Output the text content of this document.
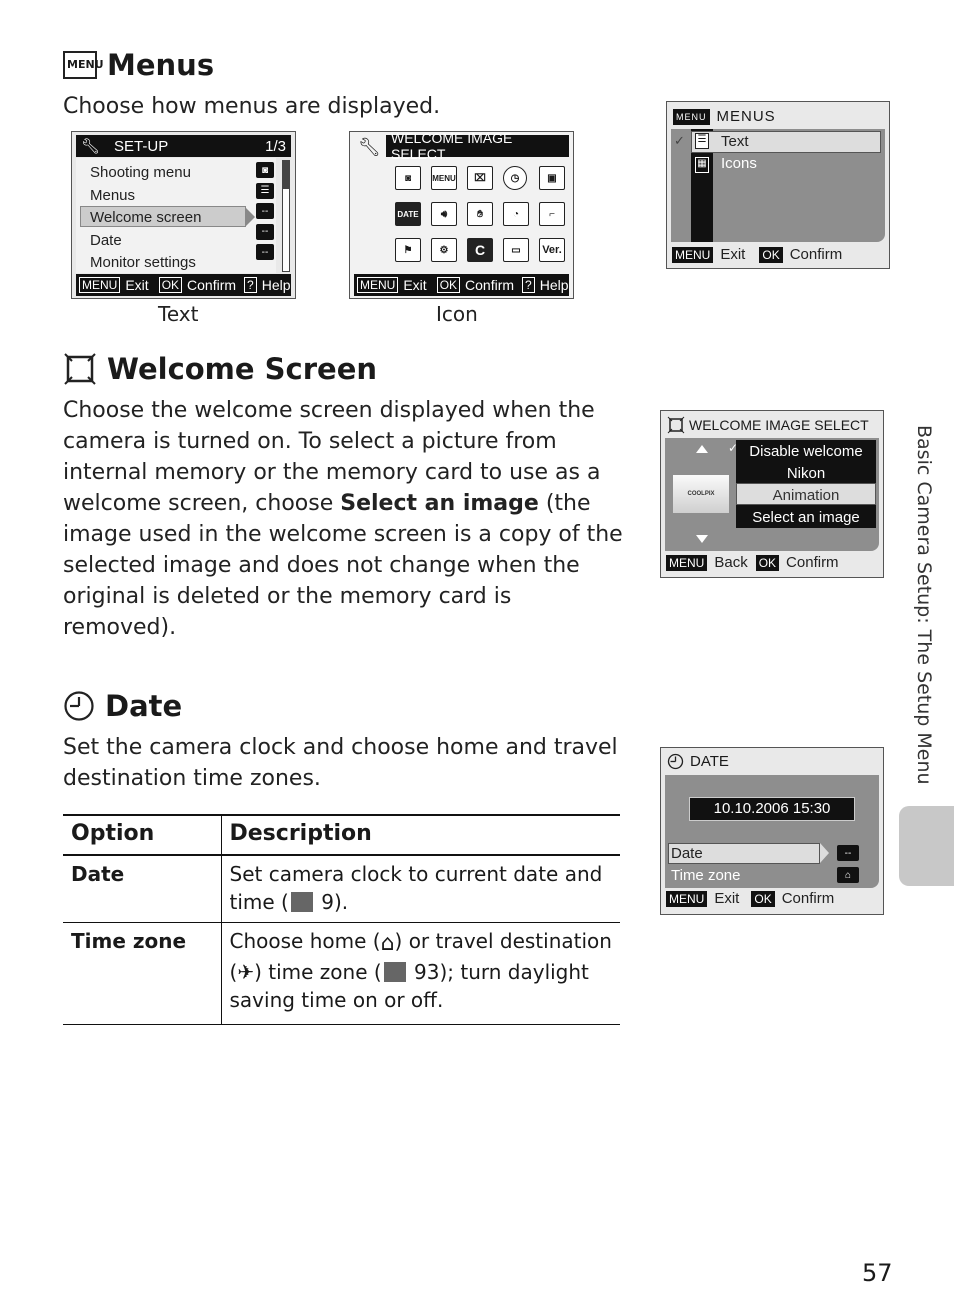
MENU Menus
Choose how menus are displayed.
🔧︎ SET-UP	1/3
Shooting menu
Menus
Welcome screen
Date
Monitor settings
◙
☰
--
--
--
MENU Exit OK Confirm ? Help
Text
🔧︎ WELCOME IMAGE SELECT
◙	MENU	⌧	◷	▣
DATE	🔊︎	✋︎	◔	⌐
⚑	⚙	C	▭	Ver.
MENU Exit OK Confirm ? Help
Icon
MENU MENUS
✓ ☰
▦
Text
Icons
MENU Exit OK Confirm
Welcome Screen
Choose the welcome screen displayed when the camera is turned on. To select a picture from internal memory or the memory card to use as a welcome screen, choose Select an image (the image used in the welcome screen is a copy of the selected image and does not change when the original is deleted or the memory card is removed).
WELCOME IMAGE SELECT
COOLPIX
✓ Disable welcome
Nikon
Animation
Select an image
MENU Back OK Confirm
Date
Set the camera clock and choose home and travel destination time zones.
DATE
10.10.2006 15:30
Date
Time zone
--
⌂
MENU Exit OK Confirm
Option	Description
Date	Set camera clock to current date and time ( 9).
Time zone	Choose home (⌂) or travel destination (✈) time zone ( 93); turn daylight saving time on or off.
Basic Camera Setup: The Setup Menu
57
